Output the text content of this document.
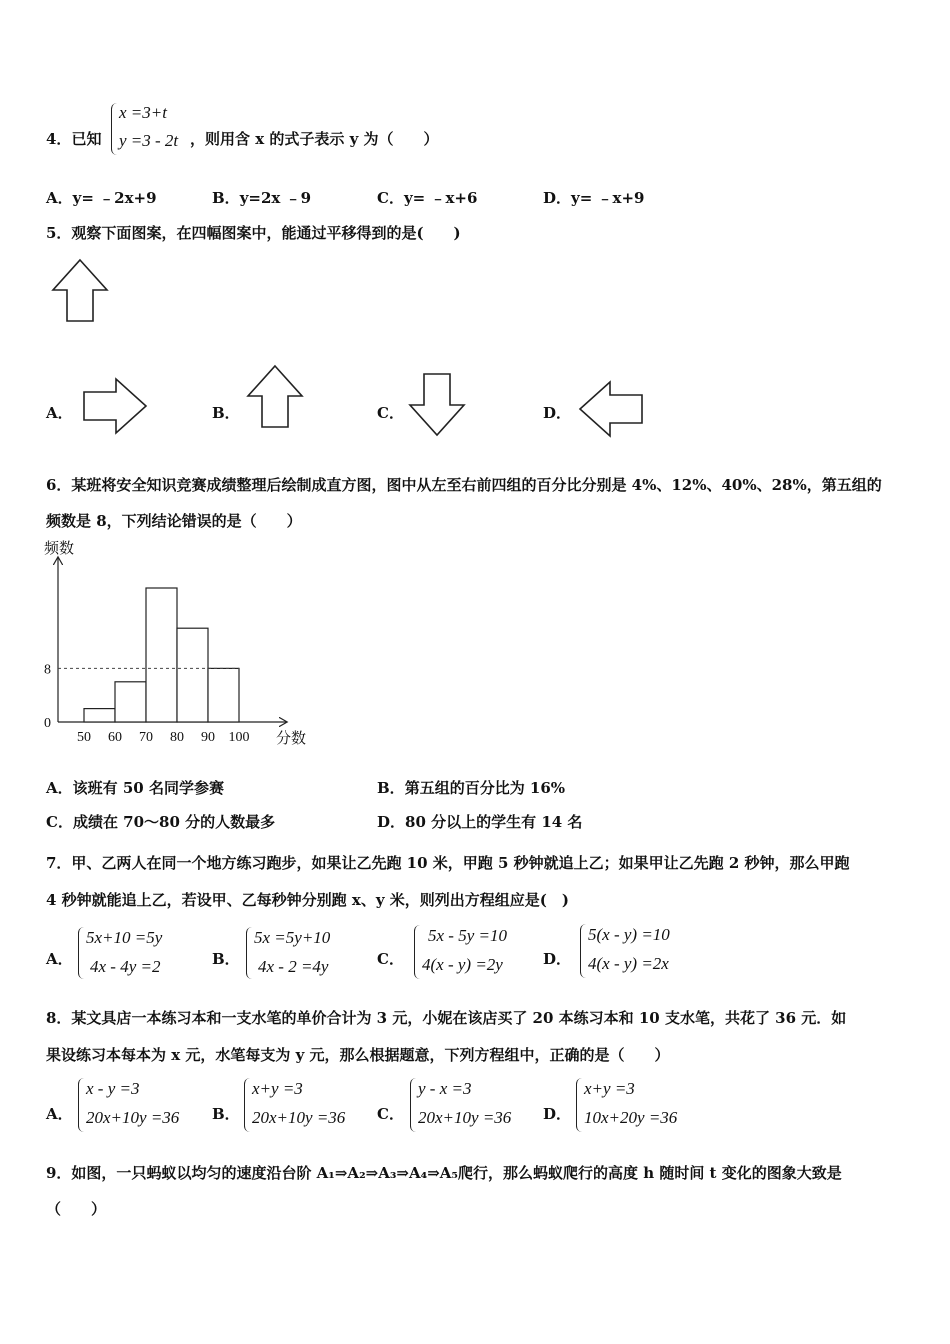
4．已知
x =3+t
y =3 - 2t ，则用含 x 的式子表示 y 为（　　）
A．y= ﹣2x+9	B．y=2x ﹣9	C．y= ﹣x+6	D．y= ﹣x+9
5．观察下面图案，在四幅图案中，能通过平移得到的是(　　)
A．	B．	C．	D．
6．某班将安全知识竞赛成绩整理后绘制成直方图，图中从左至右前四组的百分比分别是 4%、12%、40%、28%，第五组的
频数是 8，下列结论错误的是（　　）
频数
分数
50 60 70 80 90 100
0
8
A．该班有 50 名同学参赛	B．第五组的百分比为 16%
C．成绩在 70～80 分的人数最多	D．80 分以上的学生有 14 名
7．甲、乙两人在同一个地方练习跑步，如果让乙先跑 10 米，甲跑 5 秒钟就追上乙；如果甲让乙先跑 2 秒钟，那么甲跑
4 秒钟就能追上乙，若设甲、乙每秒钟分别跑 x、y 米，则列出方程组应是(　)
A．
5x+10 =5y
4x - 4y =2	B．
5x =5y+10
4x - 2 =4y	C．
5x - 5y =10
4(x - y) =2y	D．
5(x - y) =10
4(x - y) =2x
8．某文具店一本练习本和一支水笔的单价合计为 3 元，小妮在该店买了 20 本练习本和 10 支水笔，共花了 36 元．如
果设练习本每本为 x 元，水笔每支为 y 元，那么根据题意，下列方程组中，正确的是（　　）
A．
x - y =3
20x+10y =36 B．
x+y =3
20x+10y =36 C．
y - x =3
20x+10y =36 D．
x+y =3
10x+20y =36
9．如图，一只蚂蚁以均匀的速度沿台阶 A₁⇒A₂⇒A₃⇒A₄⇒A₅爬行，那么蚂蚁爬行的高度 h 随时间 t 变化的图象大致是
（　　）
